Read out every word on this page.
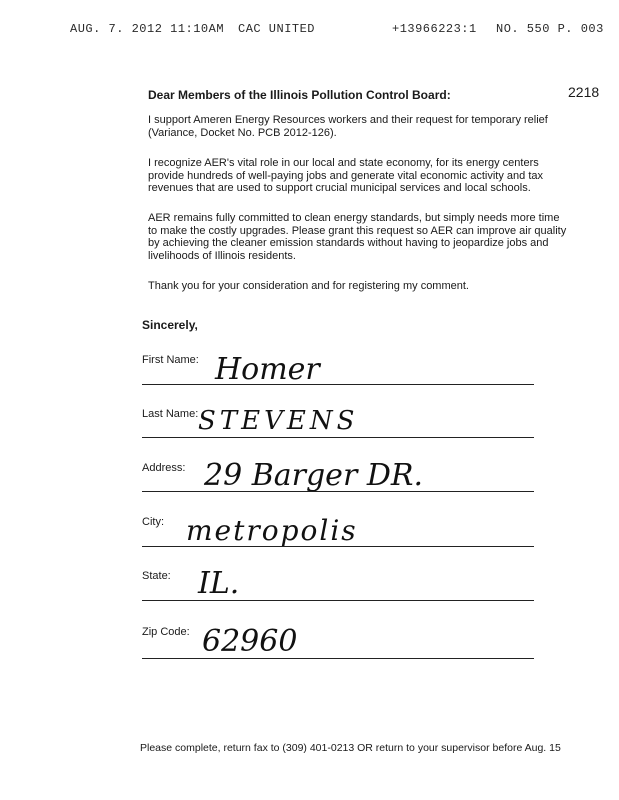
AUG. 7. 2012 11:10AM CAC UNITED	+13966223:1 NO. 550 P. 003
2218
Dear Members of the Illinois Pollution Control Board:

I support Ameren Energy Resources workers and their request for temporary relief (Variance, Docket No. PCB 2012-126).

I recognize AER's vital role in our local and state economy, for its energy centers provide hundreds of well-paying jobs and generate vital economic activity and tax revenues that are used to support crucial municipal services and local schools.

AER remains fully committed to clean energy standards, but simply needs more time to make the costly upgrades. Please grant this request so AER can improve air quality by achieving the cleaner emission standards without having to jeopardize jobs and livelihoods of Illinois residents.

Thank you for your consideration and for registering my comment.

Sincerely,
First Name: Homer
Last Name: STEVENS
Address: 29 Barger DR.
City: metropolis
State: IL.
Zip Code: 62960
Please complete, return fax to (309) 401-0213 OR return to your supervisor before Aug. 15
